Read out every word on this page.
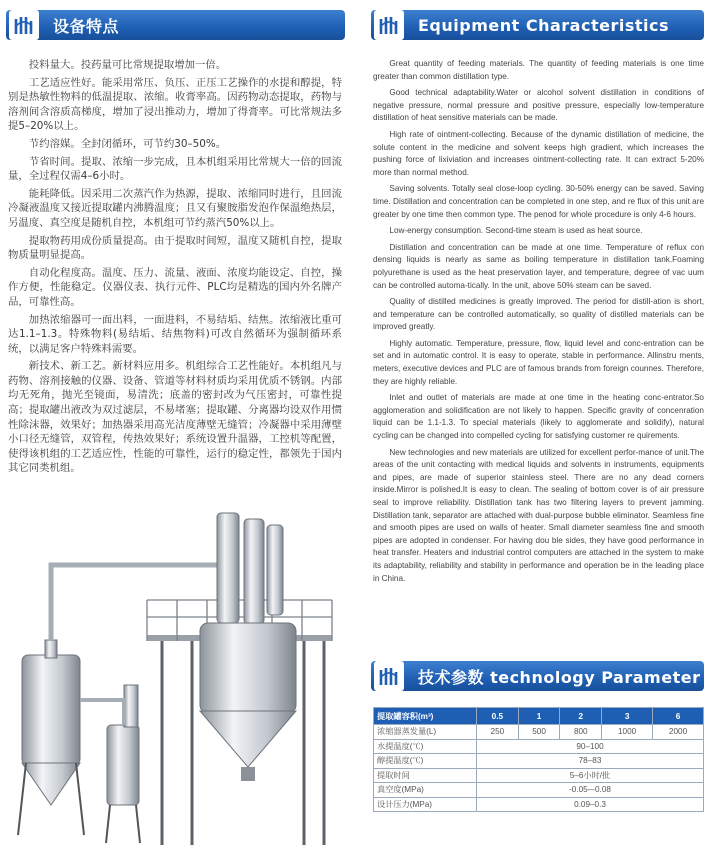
设备特点	Equipment Characteristics
技术参数 technology Parameter

投料量大。投药量可比常规提取增加一倍。

工艺适应性好。能采用常压、负压、正压工艺操作的水提和醇提，特别是热敏性物料的低温提取、浓缩。收膏率高。因药物动态提取，药物与溶剂间含溶质高梯度，增加了浸出推动力，增加了得膏率。可比常规法多提5–20%以上。

节约溶媒。全封闭循环，可节约30–50%。

节省时间。提取、浓缩一步完成，且本机组采用比常规大一倍的回流量，全过程仅需4–6小时。

能耗降低。因采用二次蒸汽作为热源，提取、浓缩同时进行，且回流冷凝液温度又接近提取罐内沸腾温度；且又有聚胺脂发泡作保温绝热层，另温度、真空度是随机自控，本机组可节约蒸汽50%以上。

提取物药用成份质量提高。由于提取时间短，温度又随机自控，提取物质量明显提高。

自动化程度高。温度、压力、流量、液面、浓度均能设定、自控，操作方便，性能稳定。仪器仪表、执行元件、PLC均是精选的国内外名牌产品，可靠性高。

加热浓缩器可一面出料，一面进料，不易结垢、结焦。浓缩液比重可达1.1–1.3。特殊物料(易结垢、结焦物料)可改自然循环为强制循环系统，以满足客户特殊料需要。

新技术、新工艺。新材料应用多。机组综合工艺性能好。本机组凡与药物、溶剂接触的仪器、设备、管道等材料材质均采用优质不锈钢。内部均无死角，抛光至镜面，易清洗；底盖的密封改为气压密封，可靠性提高；提取罐出液改为双过滤层，不易堵塞；提取罐、分离器均设双作用惯性除沫器，效果好；加热器采用高光洁度薄壁无缝管；冷凝器中采用薄壁小口径无缝管，双管程，传热效果好；系统设置升温器，工控机等配置，使得该机组的工艺适应性，性能的可靠性，运行的稳定性，都领先于国内其它同类机组。

Great quantity of feeding materials. The quantity of feeding materials is one time greater than common distillation type.

Good technical adaptability.Water or alcohol solvent distillation in conditions of negative pressure, normal pressure and positive pressure, especially low-temperature distillation of heat sensitive materials can be made.

High rate of ointment-collecting. Because of the dynamic distillation of medicine, the solute content in the medicine and solvent keeps high gradient, which increases the pushing force of lixiviation and increases ointment-collecting rate. It can extract 5-20% more than normal method.

Saving solvents. Totally seal close-loop cycling. 30-50% energy can be saved. Saving time. Distillation and concentration can be completed in one step, and re flux of this unit are greater by one time then common type. The penod for whole procedure is only 4-6 hours.

Low-energy consumption. Second-time steam is used as heat source.

Distillation and concentration can be made at one time. Temperature of reflux con densing liquids is nearly as same as boiling temperature in distillation tank.Foaming polyurethane is used as the heat preservation layer, and temperature, degree of vac uum can be controlled automa-tically. In the unit, above 50% steam can be saved.

Quality of distilled medicines is greatly improved. The period for distill-ation is short, and temperature can be controlled automatically, so quality of distilled materials can be improved greatly.

Highly automatic. Temperature, pressure, flow, liquid level and conc-entration can be set and in automatic control. It is easy to operate, stable in performance. Allinstru ments, meters, executive devices and PLC are of famous brands from foreign counnes. Therefore, they are highly reliable.

Inlet and outlet of materials are made at one time in the heating conc-entrator.So agglomeration and solidification are not likely to happen. Specific gravity of concenration liquid can be 1.1-1.3. To special materials (likely to agglomerate and solidify), natural cycling can be changed into compelled cycling for satisfying customer re quirements.

New technologies and new materials are utilized for excellent perfor-mance of unit.The areas of the unit contacting with medical liquids and solvents in instruments, equipments and pipes, are made of superior stainless steel. There are no any dead corners inside.Mirror is polished.It is easy to clean. The sealing of bottom cover is of air pressure seal to improve reliability. Distillation tank has two filtering layers to prevent jamming. Distillation tank, separator are attached with dual-purpose bubble eliminator. Seamless fine and smooth pipes are used on walls of heater. Small diameter seamless fine and smooth pipes are adopted in condenser. For having dou ble sides, they have good performance in heat transfer. Heaters and industrial control computers are attached in the system to make its adaptability, reliability and stability in performance and operation be in the leading place in China.

提取罐容积(m³)	0.5	1	2	3	6
浓缩器蒸发量(L)	250	500	800	1000	2000
水提温度(℃)	90–100				
醇提温度(℃)	78–83				
提取时间	5–6小时/批				
真空度(MPa)	-0.05–-0.08				
设计压力(MPa)	0.09–0.3				
